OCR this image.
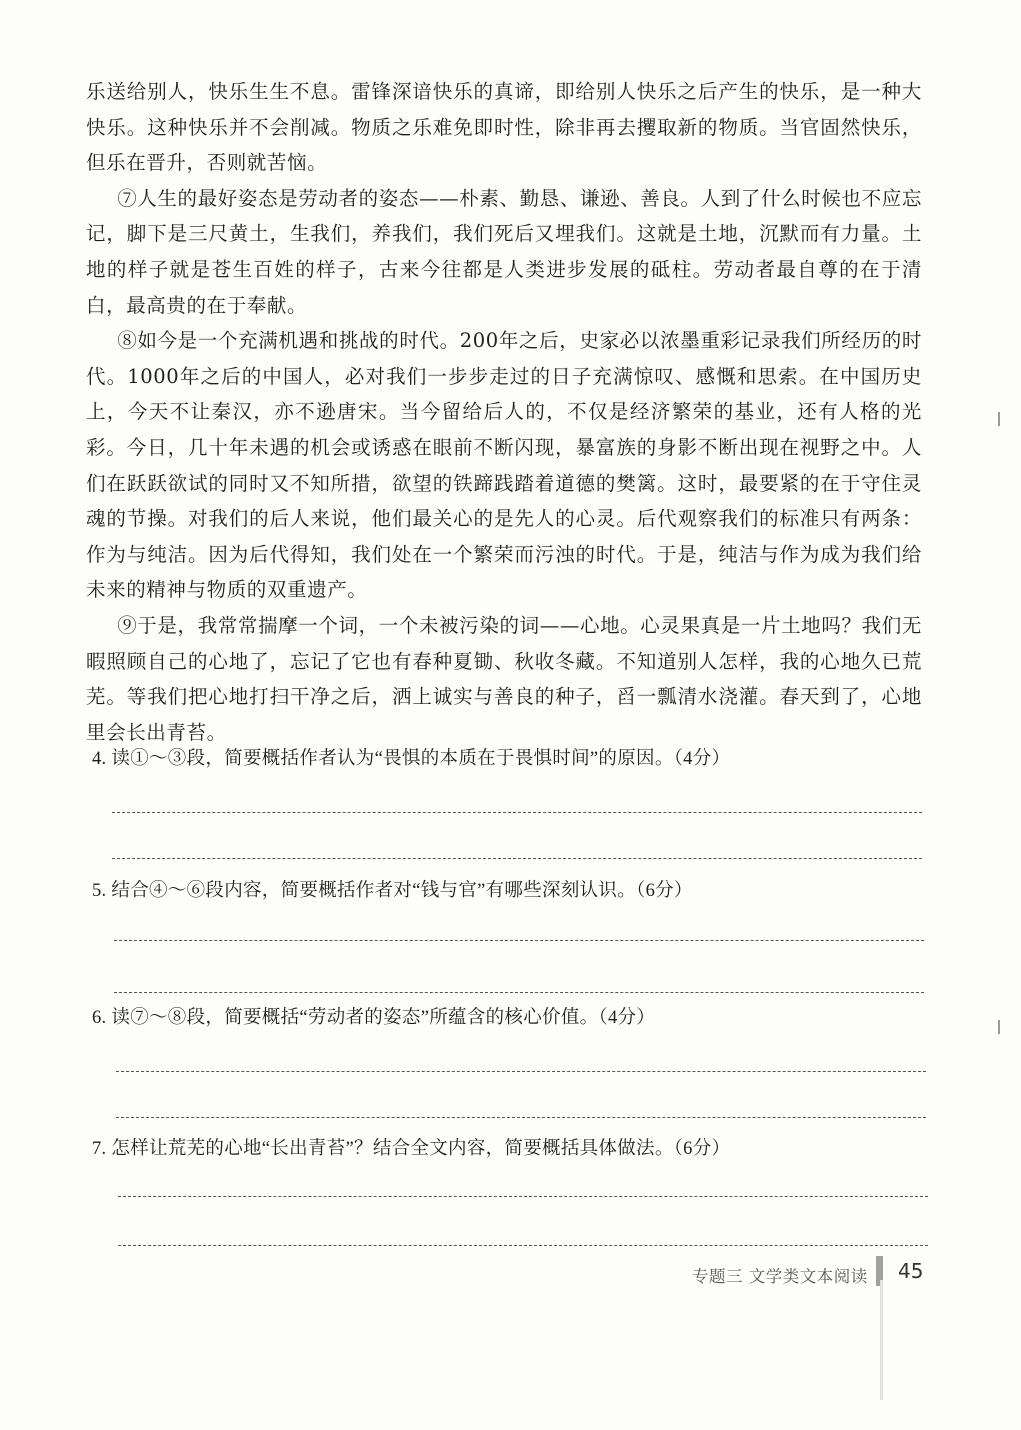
乐送给别人，快乐生生不息。雷锋深谙快乐的真谛，即给别人快乐之后产生的快乐，是一种大快乐。这种快乐并不会削减。物质之乐难免即时性，除非再去攫取新的物质。当官固然快乐，但乐在晋升，否则就苦恼。

⑦人生的最好姿态是劳动者的姿态——朴素、勤恳、谦逊、善良。人到了什么时候也不应忘记，脚下是三尺黄土，生我们，养我们，我们死后又埋我们。这就是土地，沉默而有力量。土地的样子就是苍生百姓的样子，古来今往都是人类进步发展的砥柱。劳动者最自尊的在于清白，最高贵的在于奉献。

⑧如今是一个充满机遇和挑战的时代。200年之后，史家必以浓墨重彩记录我们所经历的时代。1000年之后的中国人，必对我们一步步走过的日子充满惊叹、感慨和思索。在中国历史上，今天不让秦汉，亦不逊唐宋。当今留给后人的，不仅是经济繁荣的基业，还有人格的光彩。今日，几十年未遇的机会或诱惑在眼前不断闪现，暴富族的身影不断出现在视野之中。人们在跃跃欲试的同时又不知所措，欲望的铁蹄践踏着道德的樊篱。这时，最要紧的在于守住灵魂的节操。对我们的后人来说，他们最关心的是先人的心灵。后代观察我们的标准只有两条：作为与纯洁。因为后代得知，我们处在一个繁荣而污浊的时代。于是，纯洁与作为成为我们给未来的精神与物质的双重遗产。

⑨于是，我常常揣摩一个词，一个未被污染的词——心地。心灵果真是一片土地吗？我们无暇照顾自己的心地了，忘记了它也有春种夏锄、秋收冬藏。不知道别人怎样，我的心地久已荒芜。等我们把心地打扫干净之后，洒上诚实与善良的种子，舀一瓢清水浇灌。春天到了，心地里会长出青苔。

4. 读①～③段，简要概括作者认为“畏惧的本质在于畏惧时间”的原因。（4分）
5. 结合④～⑥段内容，简要概括作者对“钱与官”有哪些深刻认识。（6分）
6. 读⑦～⑧段，简要概括“劳动者的姿态”所蕴含的核心价值。（4分）
7. 怎样让荒芜的心地“长出青苔”？结合全文内容，简要概括具体做法。（6分）
专题三 文学类文本阅读 45
